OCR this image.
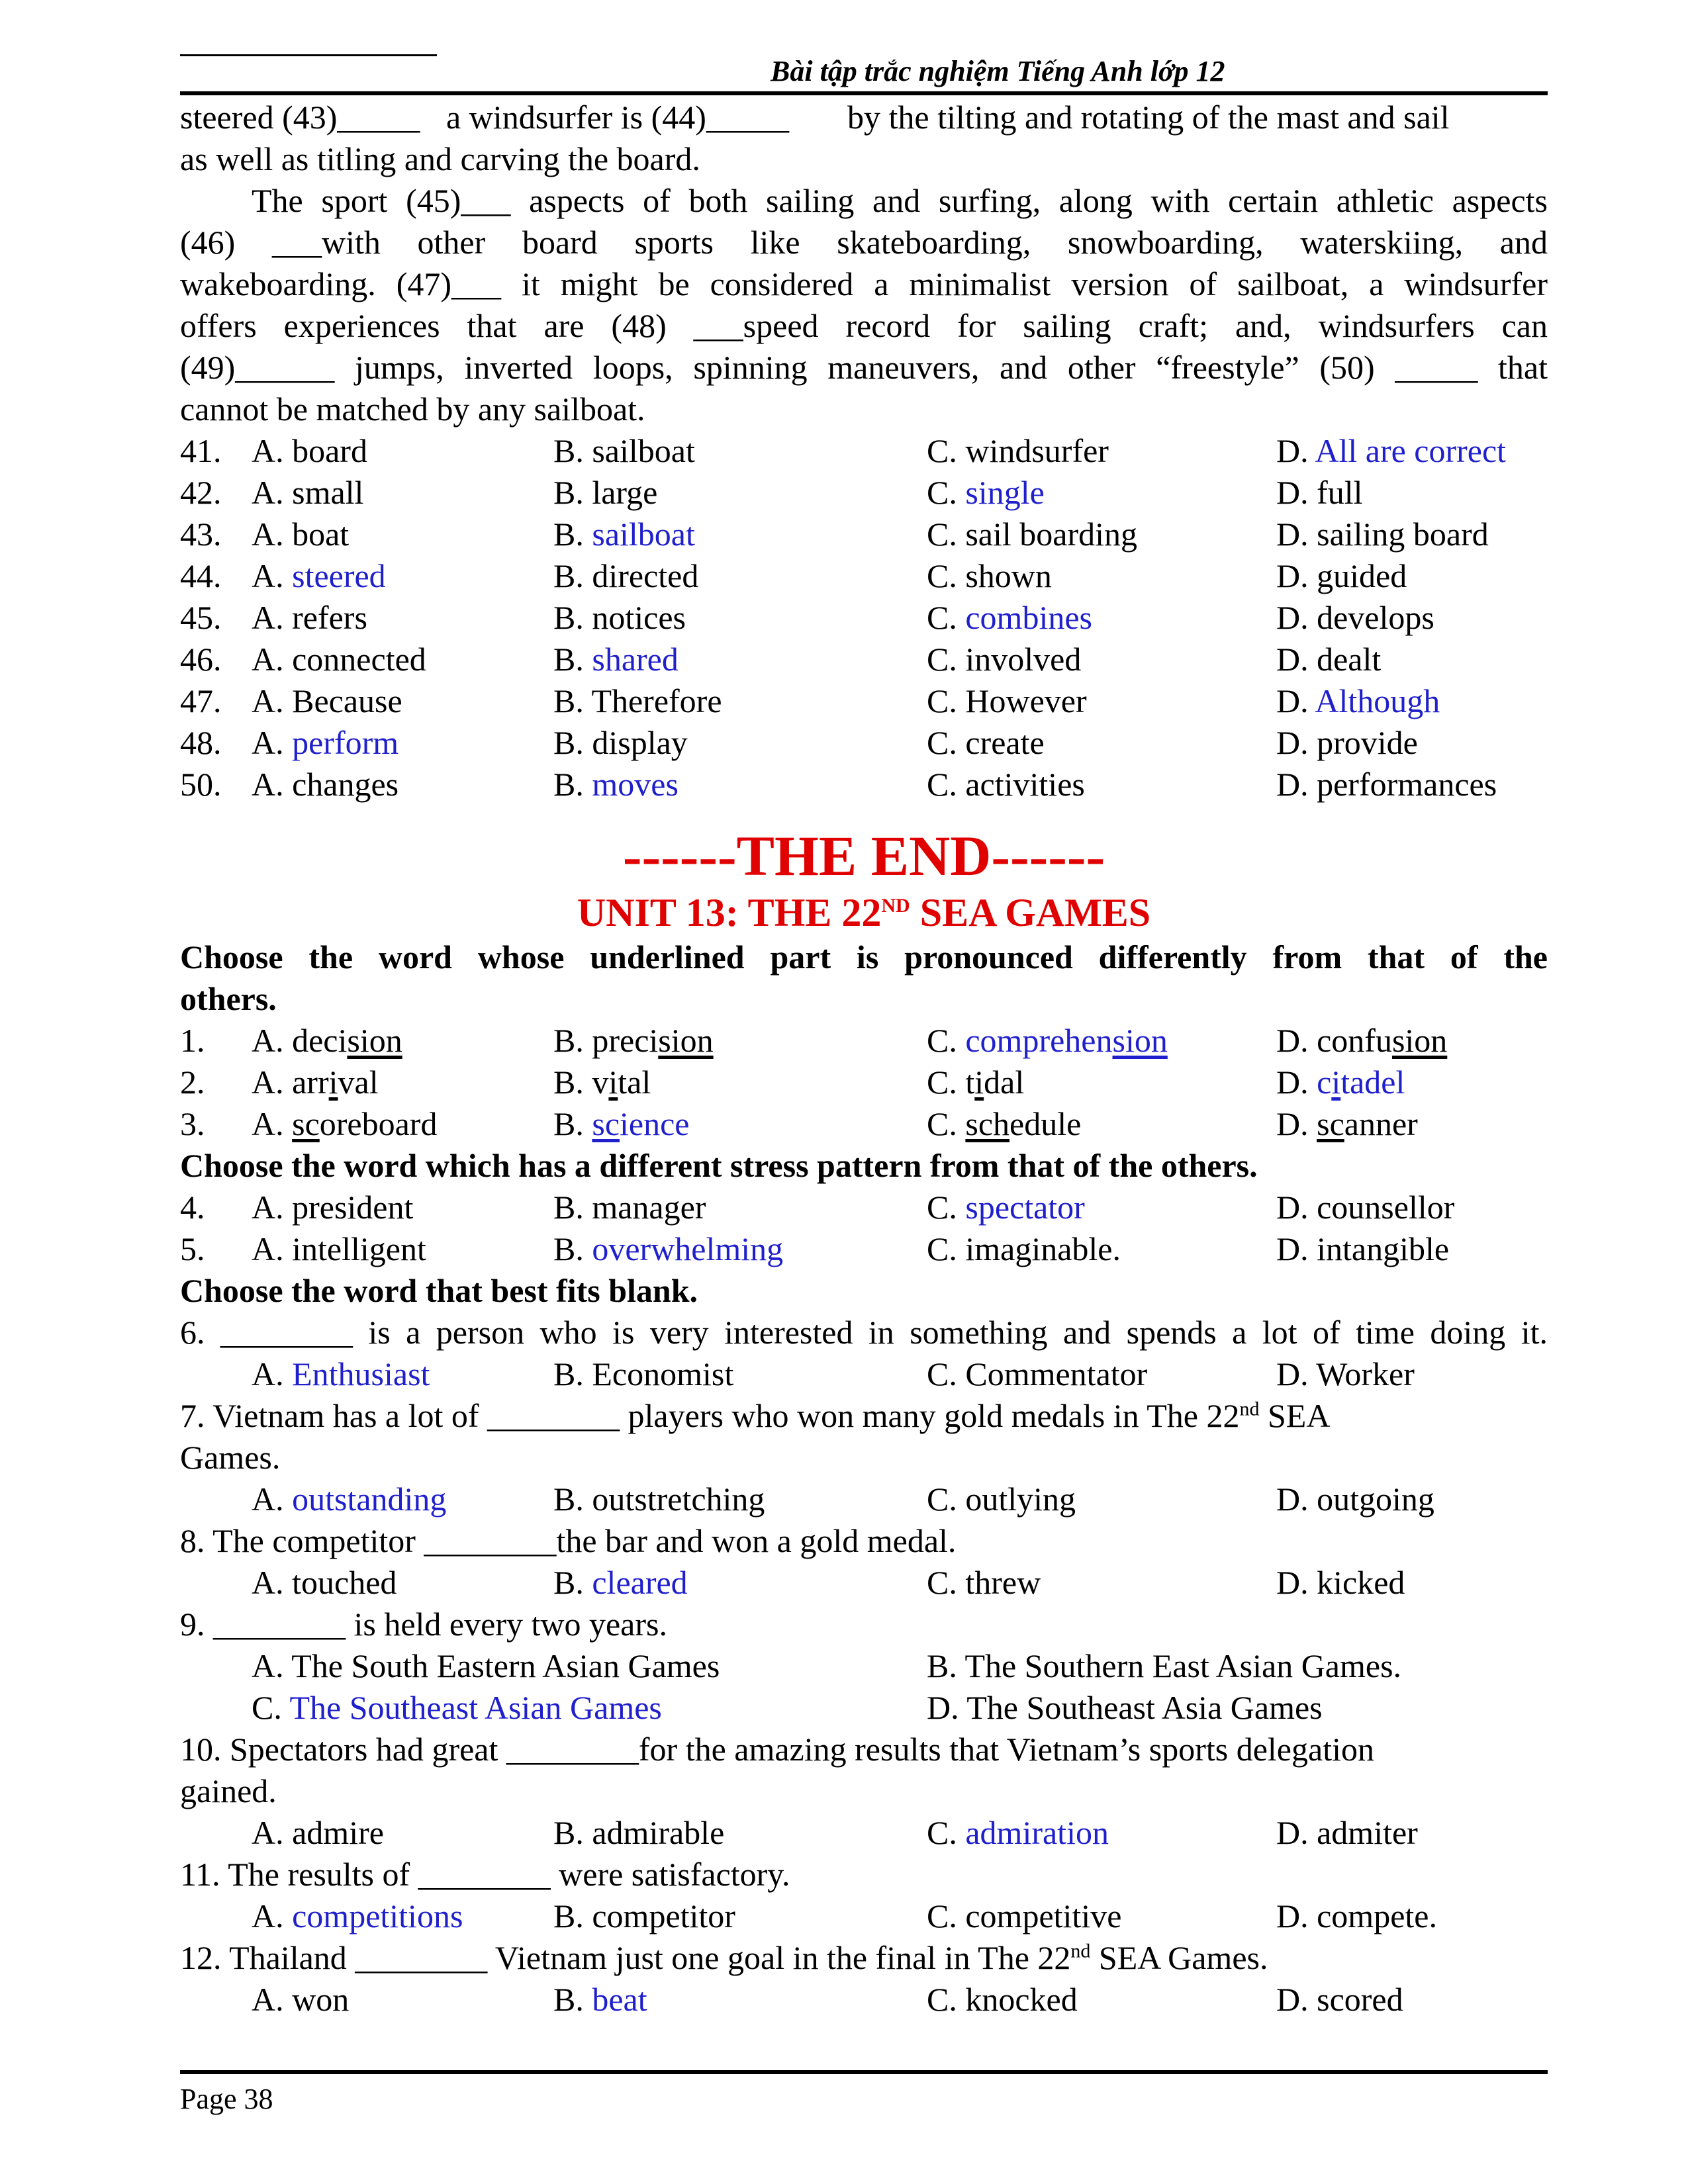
Bài tập trắc nghiệm Tiếng Anh lớp 12
steered (43)_____ a windsurfer is (44)_____ by the tilting and rotating of the mast and sail
as well as titling and carving the board.
The sport (45)___ aspects of both sailing and surfing, along with certain athletic aspects
(46) ___with other board sports like skateboarding, snowboarding, waterskiing, and
wakeboarding. (47)___ it might be considered a minimalist version of sailboat, a windsurfer
offers experiences that are (48) ___speed record for sailing craft; and, windsurfers can
(49)______ jumps, inverted loops, spinning maneuvers, and other “freestyle” (50) _____ that
cannot be matched by any sailboat.
41. A. board	B. sailboat	C. windsurfer	D. All are correct
42. A. small	B. large	C. single	D. full
43. A. boat	B. sailboat	C. sail boarding	D. sailing board
44. A. steered	B. directed	C. shown	D. guided
45. A. refers	B. notices	C. combines	D. develops
46. A. connected	B. shared	C. involved	D. dealt
47. A. Because	B. Therefore	C. However	D. Although
48. A. perform	B. display	C. create	D. provide
50. A. changes	B. moves	C. activities	D. performances
------THE END------
UNIT 13: THE 22ND SEA GAMES
Choose the word whose underlined part is pronounced differently from that of the
others.
1. A. decision	B. precision	C. comprehension	D. confusion
2. A. arrival	B. vital	C. tidal	D. citadel
3. A. scoreboard	B. science	C. schedule	D. scanner
Choose the word which has a different stress pattern from that of the others.
4. A. president	B. manager	C. spectator	D. counsellor
5. A. intelligent	B. overwhelming	C. imaginable.	D. intangible
Choose the word that best fits blank.
6. ________ is a person who is very interested in something and spends a lot of time doing it.
A. Enthusiast	B. Economist	C. Commentator	D. Worker
7. Vietnam has a lot of ________ players who won many gold medals in The 22nd SEA
Games.
A. outstanding	B. outstretching	C. outlying	D. outgoing
8. The competitor ________the bar and won a gold medal.
A. touched	B. cleared	C. threw	D. kicked
9. ________ is held every two years.
A. The South Eastern Asian Games	B. The Southern East Asian Games.
C. The Southeast Asian Games	D. The Southeast Asia Games
10. Spectators had great ________for the amazing results that Vietnam’s sports delegation
gained.
A. admire	B. admirable	C. admiration	D. admiter
11. The results of ________ were satisfactory.
A. competitions	B. competitor	C. competitive	D. compete.
12. Thailand ________ Vietnam just one goal in the final in The 22nd SEA Games.
A. won	B. beat	C. knocked	D. scored
Page 38
